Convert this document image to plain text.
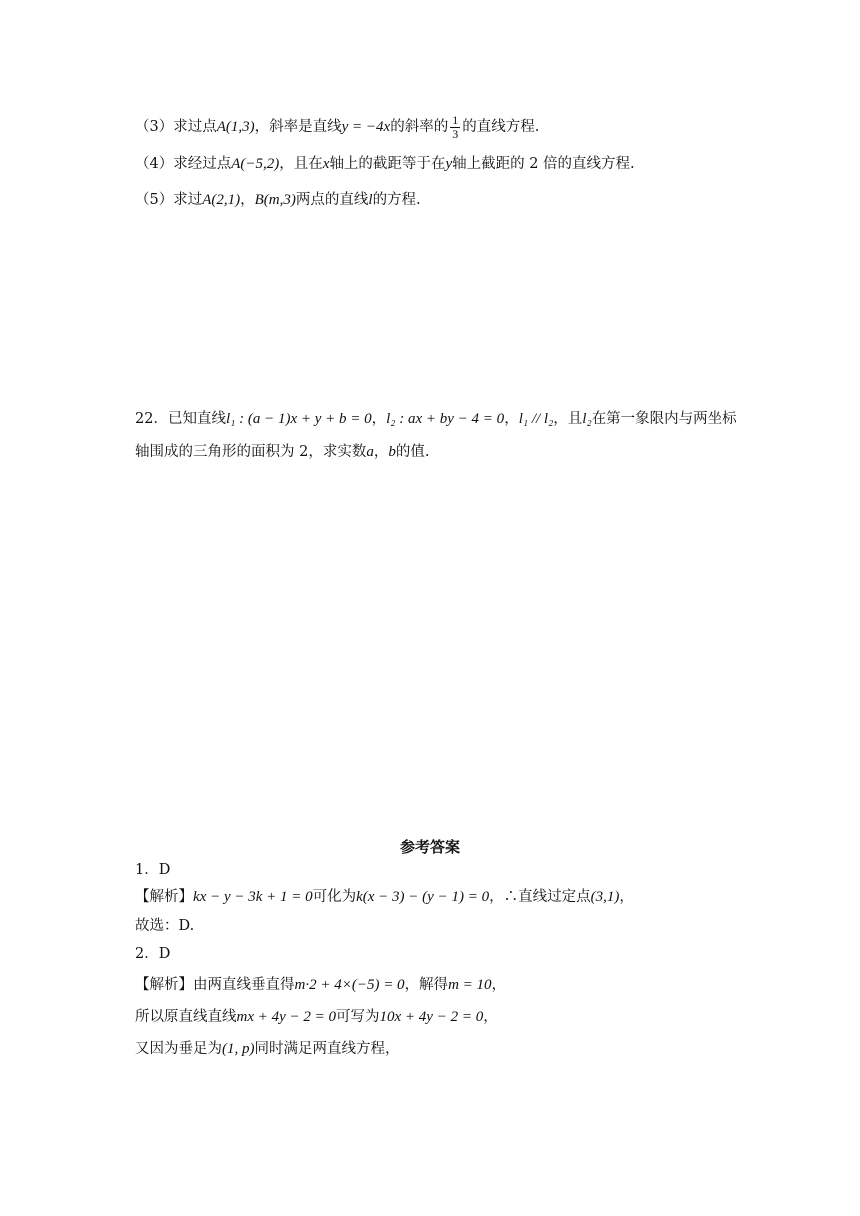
（3）求过点A(1,3)，斜率是直线y = −4x的斜率的 $\frac{1}{3}$ 的直线方程.
（4）求经过点A(−5,2)，且在x轴上的截距等于在y轴上截距的 2 倍的直线方程.
（5）求过A(2,1)，B(m,3)两点的直线l的方程.
22．已知直线l₁ : (a − 1)x + y + b = 0，l₂ : ax + by − 4 = 0，l₁ // l₂，且l₂在第一象限内与两坐标
轴围成的三角形的面积为 2，求实数a，b的值.
参考答案
1．D
【解析】kx − y − 3k + 1 = 0可化为k(x − 3) − (y − 1) = 0，∴直线过定点(3,1)，
故选：D.
2．D
【解析】由两直线垂直得m·2 + 4×(−5) = 0，解得m = 10，
所以原直线直线mx + 4y − 2 = 0可写为10x + 4y − 2 = 0，
又因为垂足为(1, p)同时满足两直线方程，
